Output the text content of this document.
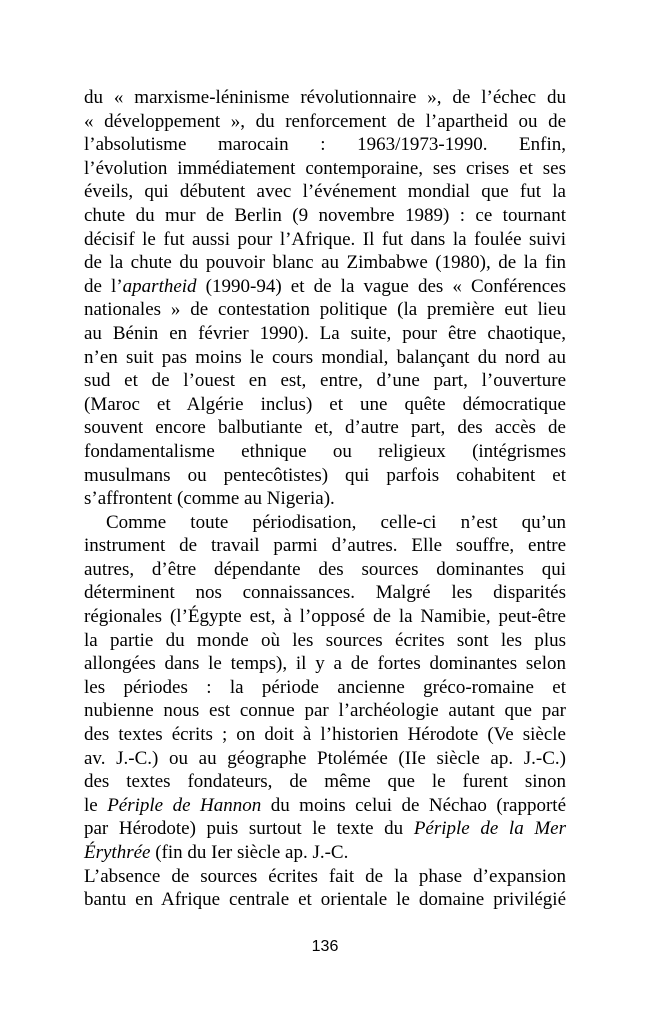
du « marxisme-léninisme révolutionnaire », de l’échec du
« développement », du renforcement de l’apartheid ou de
l’absolutisme marocain : 1963/1973-1990. Enfin,
l’évolution immédiatement contemporaine, ses crises et ses
éveils, qui débutent avec l’événement mondial que fut la
chute du mur de Berlin (9 novembre 1989) : ce tournant
décisif le fut aussi pour l’Afrique. Il fut dans la foulée suivi
de la chute du pouvoir blanc au Zimbabwe (1980), de la fin
de l’apartheid (1990-94) et de la vague des « Conférences
nationales » de contestation politique (la première eut lieu
au Bénin en février 1990). La suite, pour être chaotique,
n’en suit pas moins le cours mondial, balançant du nord au
sud et de l’ouest en est, entre, d’une part, l’ouverture
(Maroc et Algérie inclus) et une quête démocratique
souvent encore balbutiante et, d’autre part, des accès de
fondamentalisme ethnique ou religieux (intégrismes
musulmans ou pentecôtistes) qui parfois cohabitent et
s’affrontent (comme au Nigeria).
Comme toute périodisation, celle-ci n’est qu’un
instrument de travail parmi d’autres. Elle souffre, entre
autres, d’être dépendante des sources dominantes qui
déterminent nos connaissances. Malgré les disparités
régionales (l’Égypte est, à l’opposé de la Namibie, peut-être
la partie du monde où les sources écrites sont les plus
allongées dans le temps), il y a de fortes dominantes selon
les périodes : la période ancienne gréco-romaine et
nubienne nous est connue par l’archéologie autant que par
des textes écrits ; on doit à l’historien Hérodote (Ve siècle
av. J.-C.) ou au géographe Ptolémée (IIe siècle ap. J.-C.)
des textes fondateurs, de même que le furent sinon
le Périple de Hannon du moins celui de Néchao (rapporté
par Hérodote) puis surtout le texte du Périple de la Mer
Érythrée (fin du Ier siècle ap. J.-C.
L’absence de sources écrites fait de la phase d’expansion
bantu en Afrique centrale et orientale le domaine privilégié
136
